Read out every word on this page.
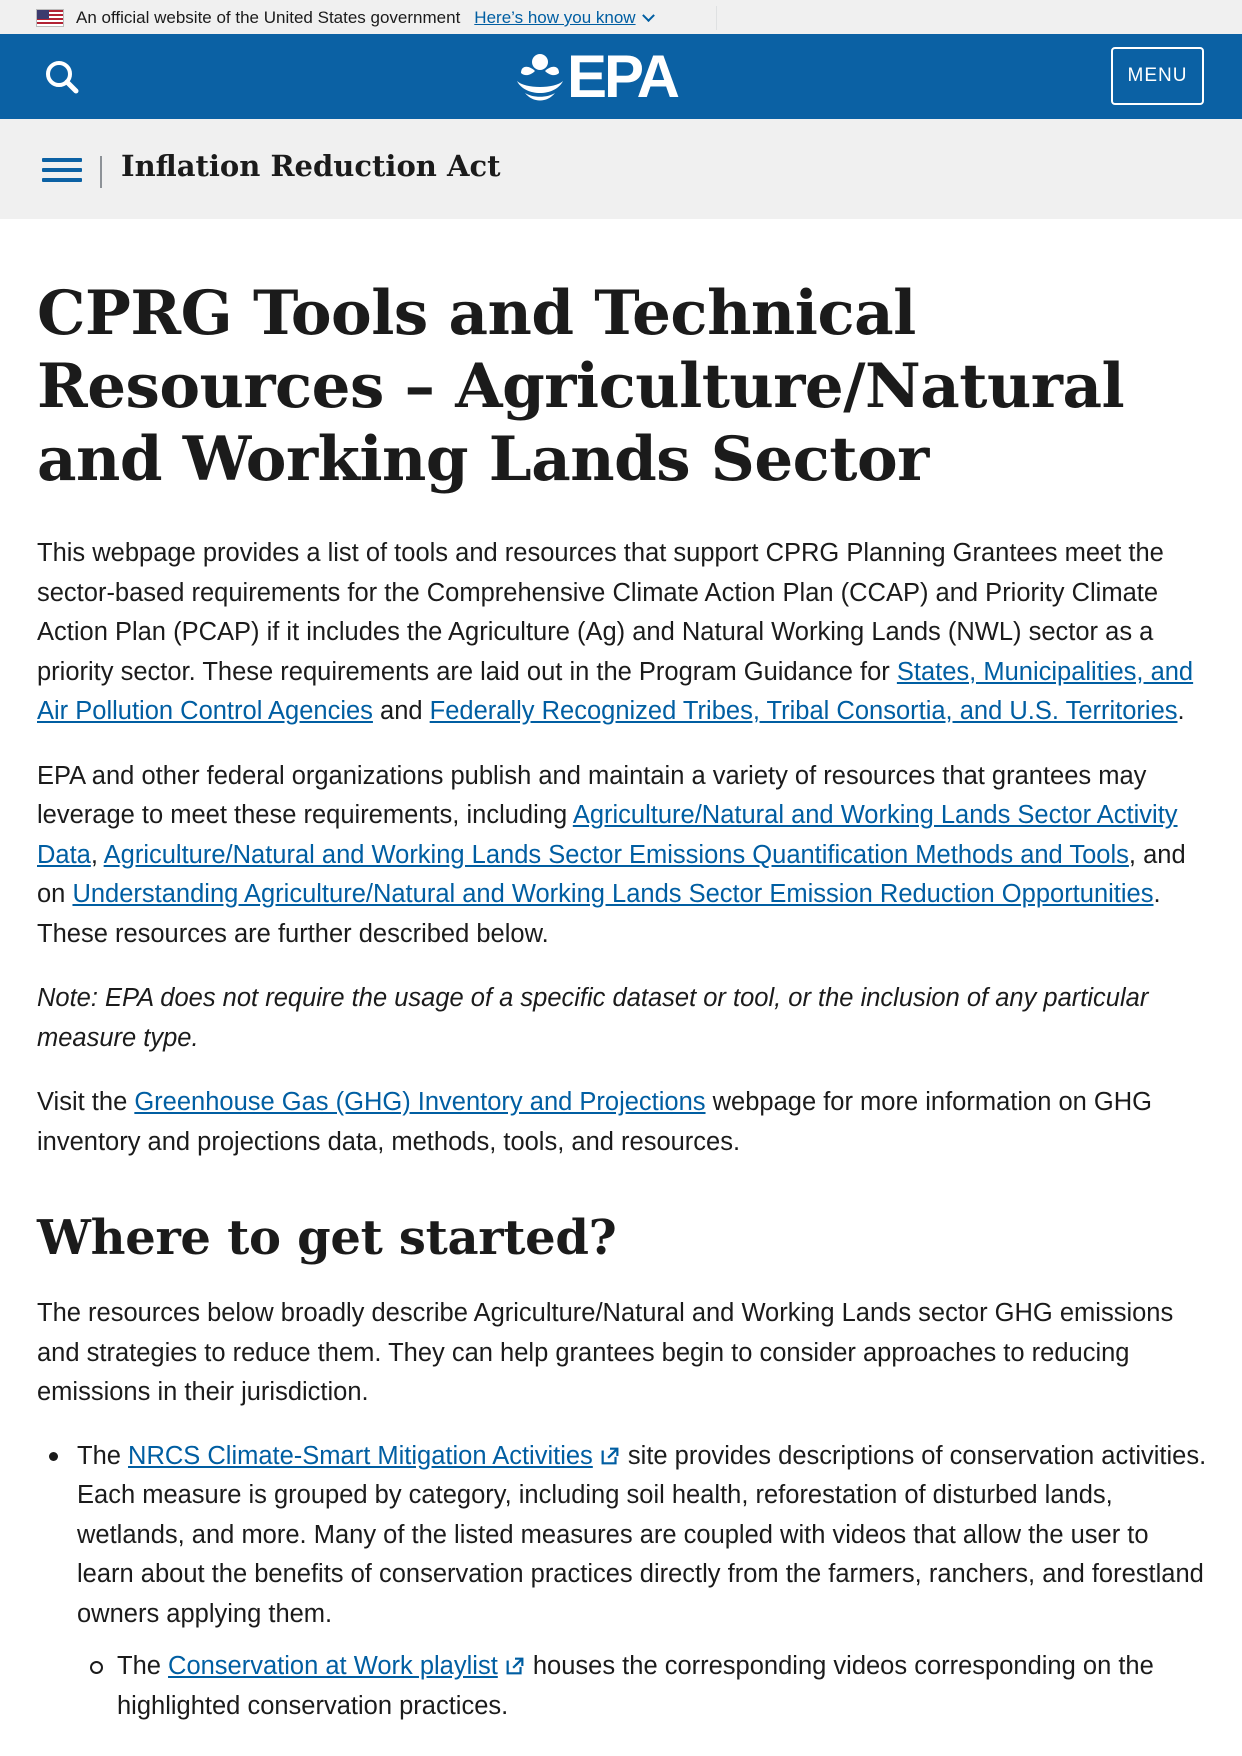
An official website of the United States government Here’s how you know
EPA	MENU
Inflation Reduction Act
CPRG Tools and Technical Resources – Agriculture/Natural and Working Lands Sector

This webpage provides a list of tools and resources that support CPRG Planning Grantees meet the sector-based requirements for the Comprehensive Climate Action Plan (CCAP) and Priority Climate Action Plan (PCAP) if it includes the Agriculture (Ag) and Natural Working Lands (NWL) sector as a priority sector. These requirements are laid out in the Program Guidance for States, Municipalities, and Air Pollution Control Agencies and Federally Recognized Tribes, Tribal Consortia, and U.S. Territories.

EPA and other federal organizations publish and maintain a variety of resources that grantees may leverage to meet these requirements, including Agriculture/Natural and Working Lands Sector Activity Data, Agriculture/Natural and Working Lands Sector Emissions Quantification Methods and Tools, and on Understanding Agriculture/Natural and Working Lands Sector Emission Reduction Opportunities. These resources are further described below.

Note: EPA does not require the usage of a specific dataset or tool, or the inclusion of any particular measure type.

Visit the Greenhouse Gas (GHG) Inventory and Projections webpage for more information on GHG inventory and projections data, methods, tools, and resources.

Where to get started?

The resources below broadly describe Agriculture/Natural and Working Lands sector GHG emissions and strategies to reduce them. They can help grantees begin to consider approaches to reducing emissions in their jurisdiction.

The NRCS Climate-Smart Mitigation Activities site provides descriptions of conservation activities. Each measure is grouped by category, including soil health, reforestation of disturbed lands, wetlands, and more. Many of the listed measures are coupled with videos that allow the user to learn about the benefits of conservation practices directly from the farmers, ranchers, and forestland owners applying them.
The Conservation at Work playlist houses the corresponding videos corresponding on the highlighted conservation practices.
